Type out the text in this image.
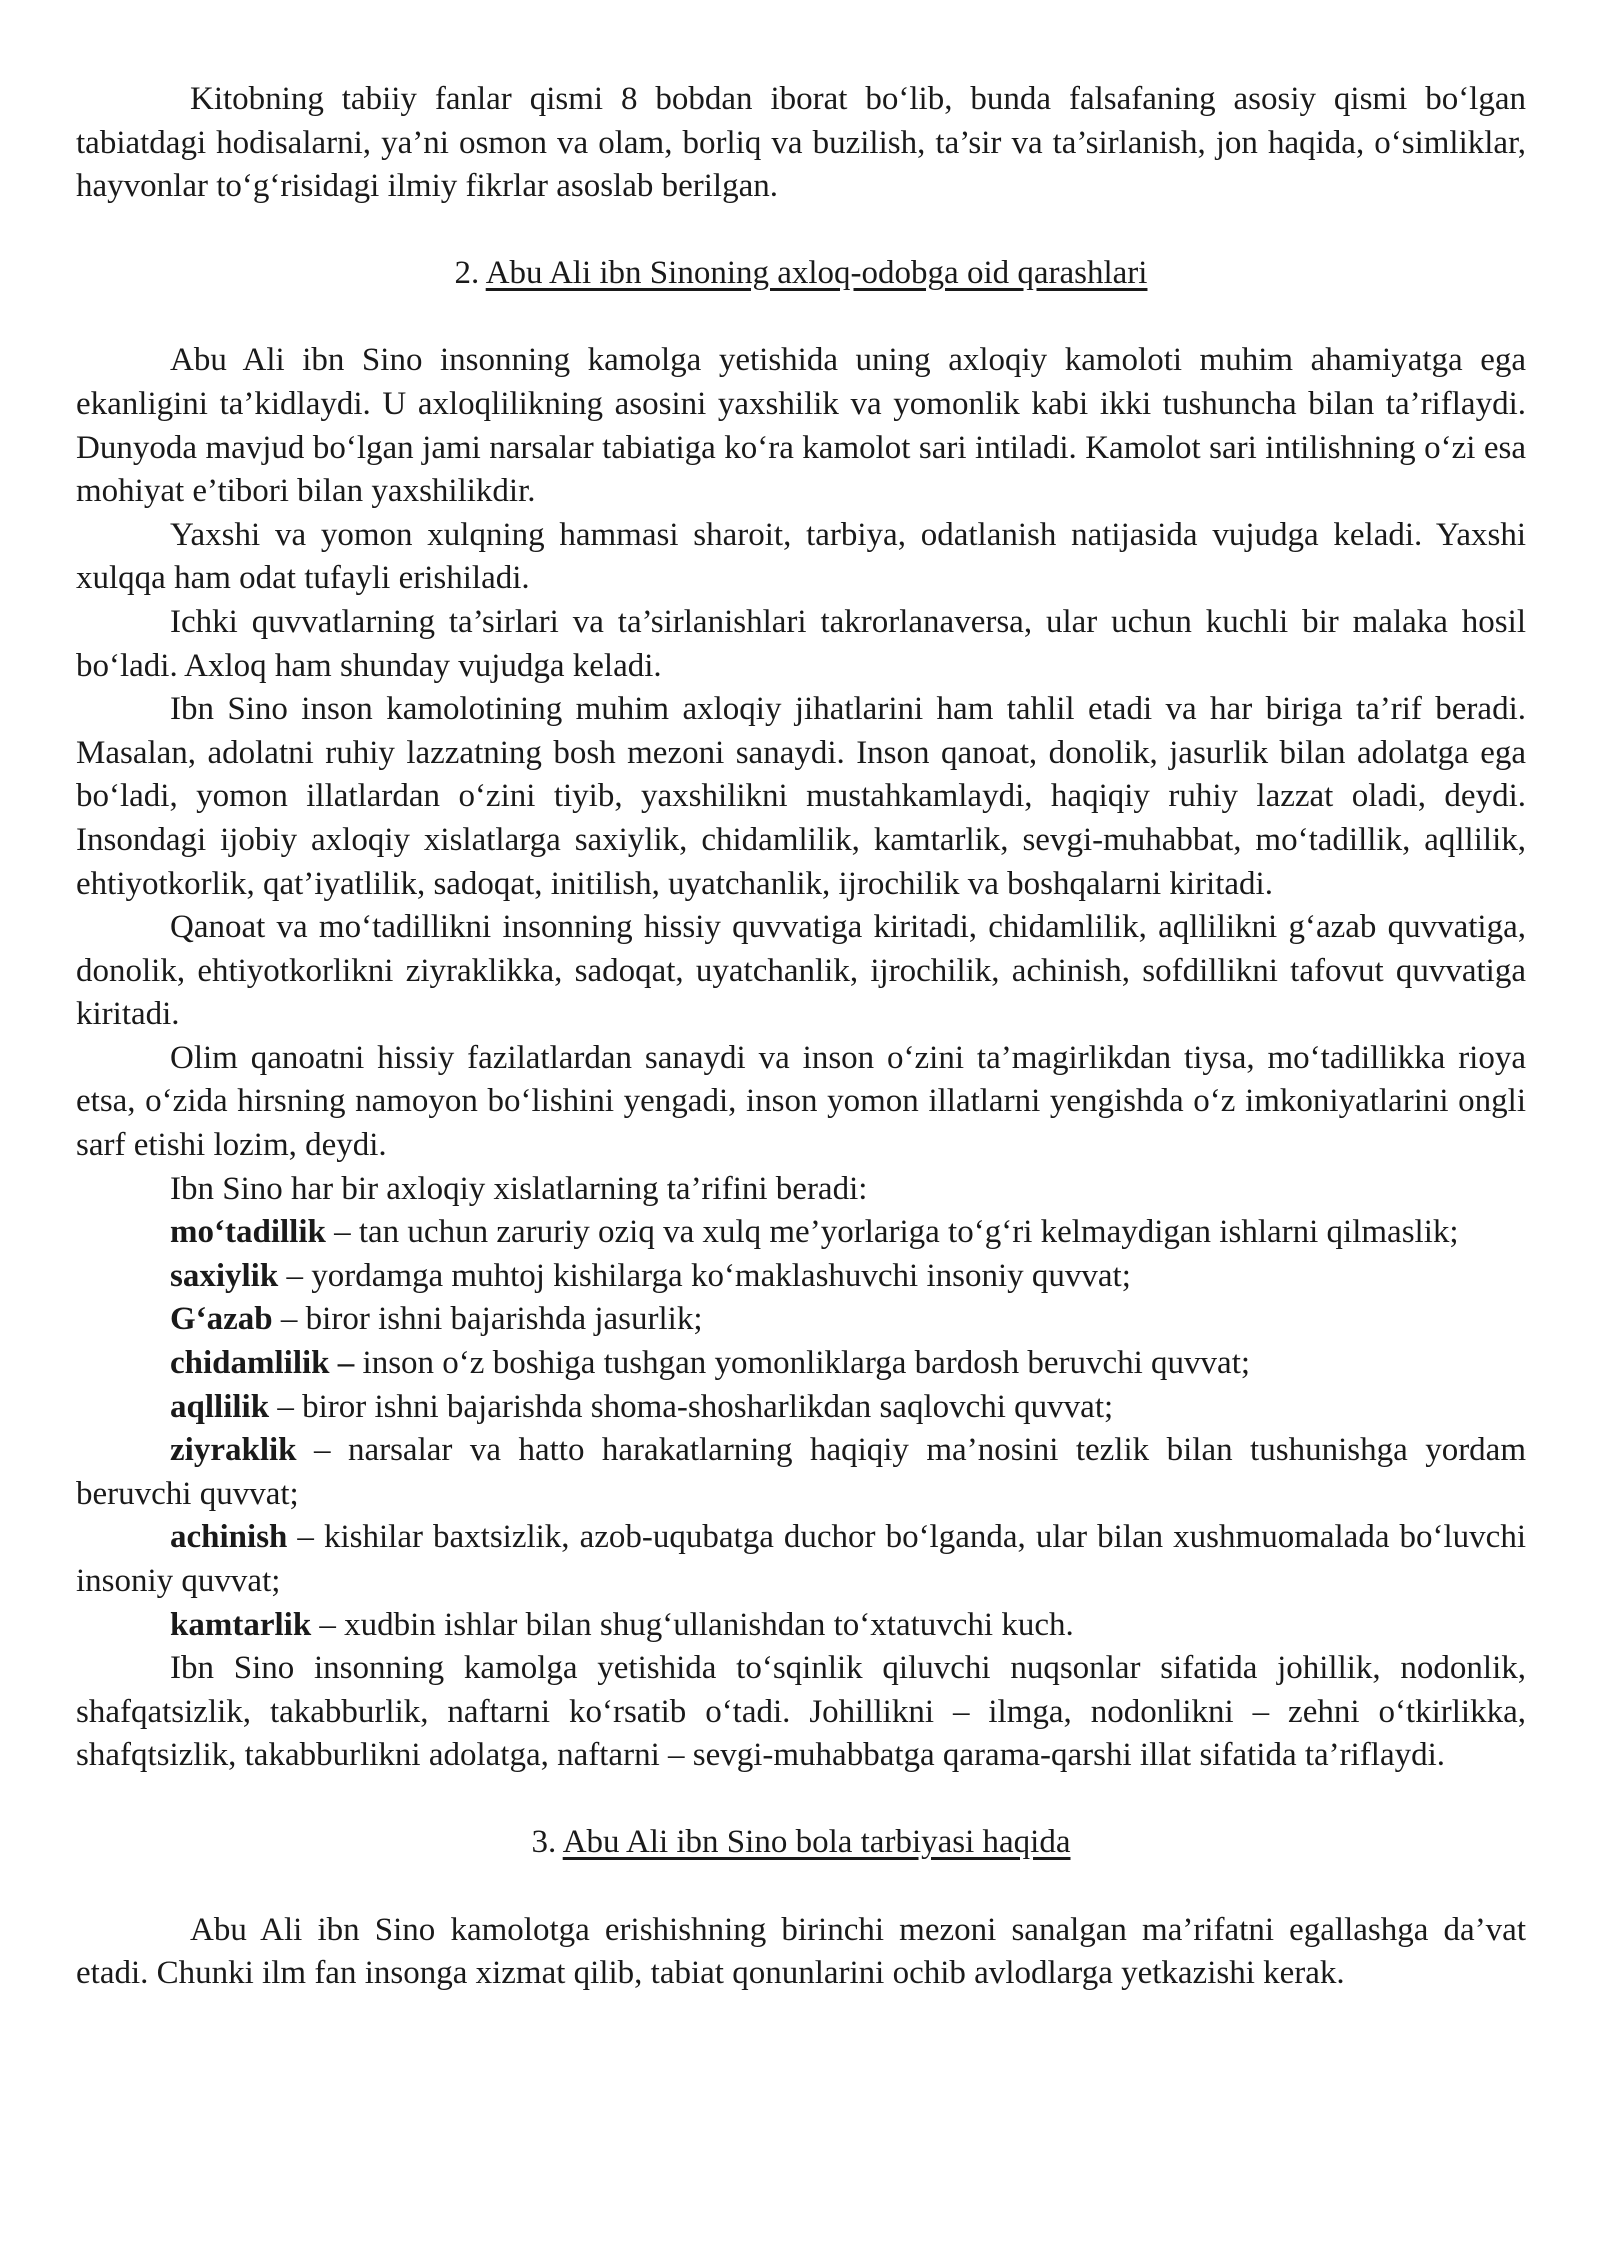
Kitobning tabiiy fanlar qismi 8 bobdan iborat bo‘lib, bunda falsafaning asosiy qismi bo‘lgan tabiatdagi hodisalarni, ya’ni osmon va olam, borliq va buzilish, ta’sir va ta’sirlanish, jon haqida, o‘simliklar, hayvonlar to‘g‘risidagi ilmiy fikrlar asoslab berilgan.

2. Abu Ali ibn Sinoning axloq-odobga oid qarashlari

Abu Ali ibn Sino insonning kamolga yetishida uning axloqiy kamoloti muhim ahamiyatga ega ekanligini ta’kidlaydi. U axloqlilikning asosini yaxshilik va yomonlik kabi ikki tushuncha bilan ta’riflaydi. Dunyoda mavjud bo‘lgan jami narsalar tabiatiga ko‘ra kamolot sari intiladi. Kamolot sari intilishning o‘zi esa mohiyat e’tibori bilan yaxshilikdir.

Yaxshi va yomon xulqning hammasi sharoit, tarbiya, odatlanish natijasida vujudga keladi. Yaxshi xulqqa ham odat tufayli erishiladi.

Ichki quvvatlarning ta’sirlari va ta’sirlanishlari takrorlanaversa, ular uchun kuchli bir malaka hosil bo‘ladi. Axloq ham shunday vujudga keladi.

Ibn Sino inson kamolotining muhim axloqiy jihatlarini ham tahlil etadi va har biriga ta’rif beradi. Masalan, adolatni ruhiy lazzatning bosh mezoni sanaydi. Inson qanoat, donolik, jasurlik bilan adolatga ega bo‘ladi, yomon illatlardan o‘zini tiyib, yaxshilikni mustahkamlaydi, haqiqiy ruhiy lazzat oladi, deydi. Insondagi ijobiy axloqiy xislatlarga saxiylik, chidamlilik, kamtarlik, sevgi-muhabbat, mo‘tadillik, aqllilik, ehtiyotkorlik, qat’iyatlilik, sadoqat, initilish, uyatchanlik, ijrochilik va boshqalarni kiritadi.

Qanoat va mo‘tadillikni insonning hissiy quvvatiga kiritadi, chidamlilik, aqllilikni g‘azab quvvatiga, donolik, ehtiyotkorlikni ziyraklikka, sadoqat, uyatchanlik, ijrochilik, achinish, sofdillikni tafovut quvvatiga kiritadi.

Olim qanoatni hissiy fazilatlardan sanaydi va inson o‘zini ta’magirlikdan tiysa, mo‘tadillikka rioya etsa, o‘zida hirsning namoyon bo‘lishini yengadi, inson yomon illatlarni yengishda o‘z imkoniyatlarini ongli sarf etishi lozim, deydi.

Ibn Sino har bir axloqiy xislatlarning ta’rifini beradi:

mo‘tadillik – tan uchun zaruriy oziq va xulq me’yorlariga to‘g‘ri kelmaydigan ishlarni qilmaslik;

saxiylik – yordamga muhtoj kishilarga ko‘maklashuvchi insoniy quvvat;

G‘azab – biror ishni bajarishda jasurlik;

chidamlilik – inson o‘z boshiga tushgan yomonliklarga bardosh beruvchi quvvat;

aqllilik – biror ishni bajarishda shoma-shosharlikdan saqlovchi quvvat;

ziyraklik – narsalar va hatto harakatlarning haqiqiy ma’nosini tezlik bilan tushunishga yordam beruvchi quvvat;

achinish – kishilar baxtsizlik, azob-uqubatga duchor bo‘lganda, ular bilan xushmuomalada bo‘luvchi insoniy quvvat;

kamtarlik – xudbin ishlar bilan shug‘ullanishdan to‘xtatuvchi kuch.

Ibn Sino insonning kamolga yetishida to‘sqinlik qiluvchi nuqsonlar sifatida johillik, nodonlik, shafqatsizlik, takabburlik, naftarni ko‘rsatib o‘tadi. Johillikni – ilmga, nodonlikni – zehni o‘tkirlikka, shafqtsizlik, takabburlikni adolatga, naftarni – sevgi-muhabbatga qarama-qarshi illat sifatida ta’riflaydi.

3. Abu Ali ibn Sino bola tarbiyasi haqida

Abu Ali ibn Sino kamolotga erishishning birinchi mezoni sanalgan ma’rifatni egallashga da’vat etadi. Chunki ilm fan insonga xizmat qilib, tabiat qonunlarini ochib avlodlarga yetkazishi kerak.
